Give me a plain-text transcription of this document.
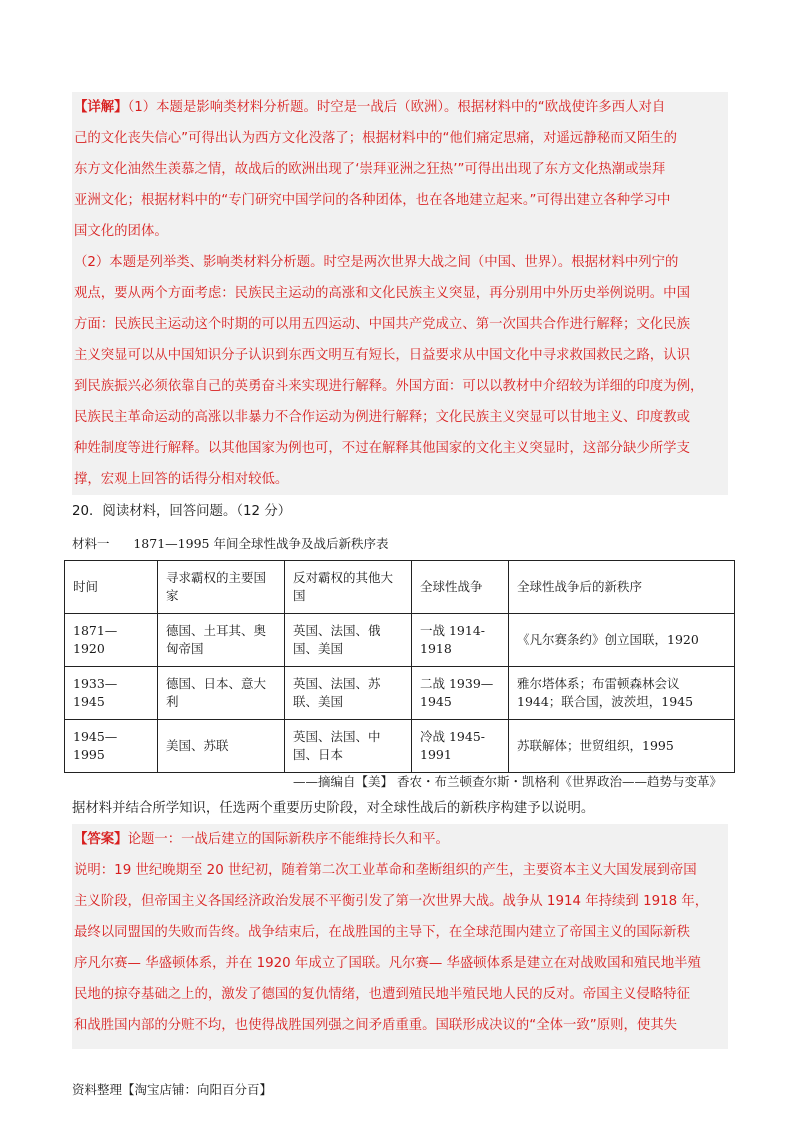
【详解】（1）本题是影响类材料分析题。时空是一战后（欧洲）。根据材料中的“欧战使许多西人对自

己的文化丧失信心”可得出认为西方文化没落了；根据材料中的“他们痛定思痛，对遥远静秘而又陌生的

东方文化油然生羡慕之情，故战后的欧洲出现了‘崇拜亚洲之狂热’”可得出出现了东方文化热潮或崇拜

亚洲文化；根据材料中的“专门研究中国学问的各种团体，也在各地建立起来。”可得出建立各种学习中

国文化的团体。

（2）本题是列举类、影响类材料分析题。时空是两次世界大战之间（中国、世界）。根据材料中列宁的

观点，要从两个方面考虑：民族民主运动的高涨和文化民族主义突显，再分别用中外历史举例说明。中国

方面：民族民主运动这个时期的可以用五四运动、中国共产党成立、第一次国共合作进行解释；文化民族

主义突显可以从中国知识分子认识到东西文明互有短长，日益要求从中国文化中寻求救国救民之路，认识

到民族振兴必须依靠自己的英勇奋斗来实现进行解释。外国方面：可以以教材中介绍较为详细的印度为例，

民族民主革命运动的高涨以非暴力不合作运动为例进行解释；文化民族主义突显可以甘地主义、印度教或

种姓制度等进行解释。以其他国家为例也可，不过在解释其他国家的文化主义突显时，这部分缺少所学支

撑，宏观上回答的话得分相对较低。

20．阅读材料，回答问题。（12 分）
材料一 1871—1995 年间全球性战争及战后新秩序表
时间	寻求霸权的主要国家	反对霸权的其他大国	全球性战争	全球性战争后的新秩序
1871—1920	德国、土耳其、奥匈帝国	英国、法国、俄国、美国	一战 1914-1918	《凡尔赛条约》创立国联，1920
1933—1945	德国、日本、意大利	英国、法国、苏联、美国	二战 1939—1945	雅尔塔体系；布雷顿森林会议 1944；联合国，波茨坦，1945
1945—1995	美国、苏联	英国、法国、中国、日本	冷战 1945-1991	苏联解体；世贸组织，1995
——摘编自【美】 香农・布兰顿查尔斯・凯格利《世界政治——趋势与变革》
据材料并结合所学知识，任选两个重要历史阶段，对全球性战后的新秩序构建予以说明。

【答案】论题一：一战后建立的国际新秩序不能维持长久和平。

说明：19 世纪晚期至 20 世纪初，随着第二次工业革命和垄断组织的产生，主要资本主义大国发展到帝国

主义阶段，但帝国主义各国经济政治发展不平衡引发了第一次世界大战。战争从 1914 年持续到 1918 年，

最终以同盟国的失败而告终。战争结束后，在战胜国的主导下，在全球范围内建立了帝国主义的国际新秩

序凡尔赛— 华盛顿体系，并在 1920 年成立了国联。凡尔赛— 华盛顿体系是建立在对战败国和殖民地半殖

民地的掠夺基础之上的，激发了德国的复仇情绪，也遭到殖民地半殖民地人民的反对。帝国主义侵略特征

和战胜国内部的分赃不均，也使得战胜国列强之间矛盾重重。国联形成决议的“全体一致”原则，使其失

资料整理【淘宝店铺：向阳百分百】
